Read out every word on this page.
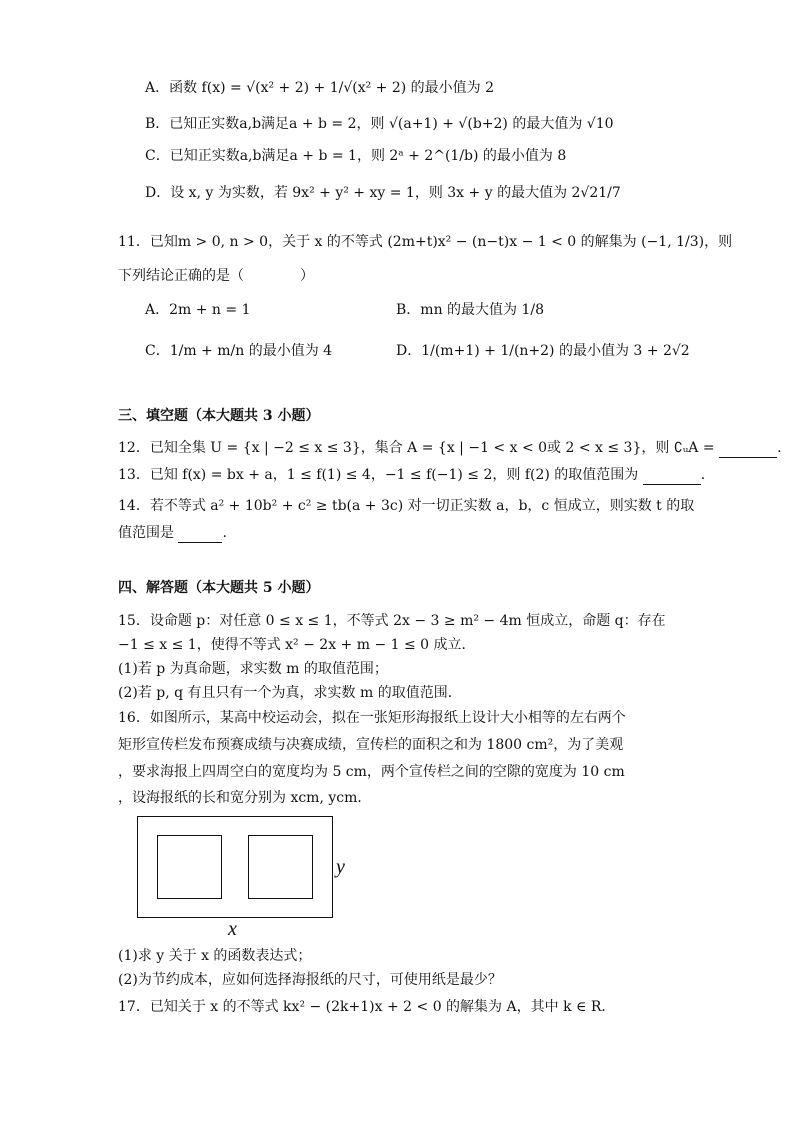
A．函数 f(x) = √(x² + 2) + 1/√(x² + 2) 的最小值为 2
B．已知正实数a,b满足a + b = 2，则 √(a+1) + √(b+2) 的最大值为 √10
C．已知正实数a,b满足a + b = 1，则 2ᵃ + 2^(1/b) 的最小值为 8
D．设 x, y 为实数，若 9x² + y² + xy = 1，则 3x + y 的最大值为 2√21/7
11．已知m > 0, n > 0，关于 x 的不等式 (2m+t)x² − (n−t)x − 1 < 0 的解集为 (−1, 1/3)，则
下列结论正确的是（　　　　）
A．2m + n = 1	B．mn 的最大值为 1/8
C．1/m + m/n 的最小值为 4	D．1/(m+1) + 1/(n+2) 的最小值为 3 + 2√2
三、填空题（本大题共 3 小题）
12．已知全集 U = {x | −2 ≤ x ≤ 3}，集合 A = {x | −1 < x < 0或 2 < x ≤ 3}，则 ∁ᵤA =	.
13．已知 f(x) = bx + a，1 ≤ f(1) ≤ 4，−1 ≤ f(−1) ≤ 2，则 f(2) 的取值范围为	.
14．若不等式 a² + 10b² + c² ≥ tb(a + 3c) 对一切正实数 a，b，c 恒成立，则实数 t 的取
值范围是	.
四、解答题（本大题共 5 小题）
15．设命题 p：对任意 0 ≤ x ≤ 1，不等式 2x − 3 ≥ m² − 4m 恒成立，命题 q：存在
−1 ≤ x ≤ 1，使得不等式 x² − 2x + m − 1 ≤ 0 成立．
(1)若 p 为真命题，求实数 m 的取值范围；
(2)若 p, q 有且只有一个为真，求实数 m 的取值范围．
16．如图所示，某高中校运动会，拟在一张矩形海报纸上设计大小相等的左右两个
矩形宣传栏发布预赛成绩与决赛成绩，宣传栏的面积之和为 1800 cm²，为了美观
，要求海报上四周空白的宽度均为 5 cm，两个宣传栏之间的空隙的宽度为 10 cm
，设海报纸的长和宽分别为 xcm, ycm．
y
x
(1)求 y 关于 x 的函数表达式；
(2)为节约成本，应如何选择海报纸的尺寸，可使用纸是最少？
17．已知关于 x 的不等式 kx² − (2k+1)x + 2 < 0 的解集为 A，其中 k ∈ R．
